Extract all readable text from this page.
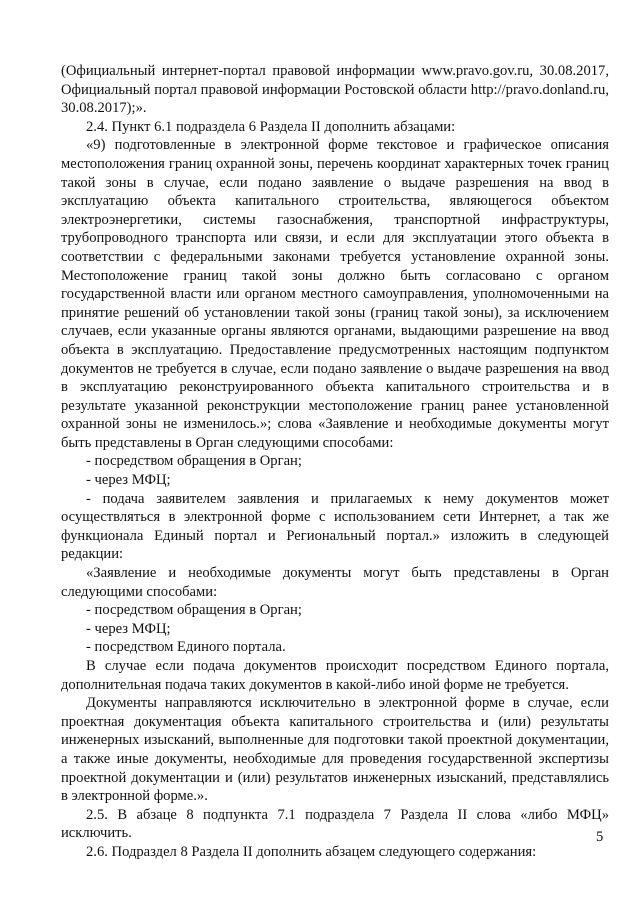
(Официальный интернет-портал правовой информации www.pravo.gov.ru, 30.08.2017, Официальный портал правовой информации Ростовской области http://pravo.donland.ru, 30.08.2017);».

2.4. Пункт 6.1 подраздела 6 Раздела II дополнить абзацами:

«9) подготовленные в электронной форме текстовое и графическое описания местоположения границ охранной зоны, перечень координат характерных точек границ такой зоны в случае, если подано заявление о выдаче разрешения на ввод в эксплуатацию объекта капитального строительства, являющегося объектом электроэнергетики, системы газоснабжения, транспортной инфраструктуры, трубопроводного транспорта или связи, и если для эксплуатации этого объекта в соответствии с федеральными законами требуется установление охранной зоны. Местоположение границ такой зоны должно быть согласовано с органом государственной власти или органом местного самоуправления, уполномоченными на принятие решений об установлении такой зоны (границ такой зоны), за исключением случаев, если указанные органы являются органами, выдающими разрешение на ввод объекта в эксплуатацию. Предоставление предусмотренных настоящим подпунктом документов не требуется в случае, если подано заявление о выдаче разрешения на ввод в эксплуатацию реконструированного объекта капитального строительства и в результате указанной реконструкции местоположение границ ранее установленной охранной зоны не изменилось.»; слова «Заявление и необходимые документы могут быть представлены в Орган следующими способами:

- посредством обращения в Орган;

- через МФЦ;

- подача заявителем заявления и прилагаемых к нему документов может осуществляться в электронной форме с использованием сети Интернет, а так же функционала Единый портал и Региональный портал.» изложить в следующей редакции:

«Заявление и необходимые документы могут быть представлены в Орган следующими способами:

- посредством обращения в Орган;

- через МФЦ;

- посредством Единого портала.

В случае если подача документов происходит посредством Единого портала, дополнительная подача таких документов в какой-либо иной форме не требуется.

Документы направляются исключительно в электронной форме в случае, если проектная документация объекта капитального строительства и (или) результаты инженерных изысканий, выполненные для подготовки такой проектной документации, а также иные документы, необходимые для проведения государственной экспертизы проектной документации и (или) результатов инженерных изысканий, представлялись в электронной форме.».

2.5. В абзаце 8 подпункта 7.1 подраздела 7 Раздела II слова «либо МФЦ» исключить.

2.6. Подраздел 8 Раздела II дополнить абзацем следующего содержания:

5
